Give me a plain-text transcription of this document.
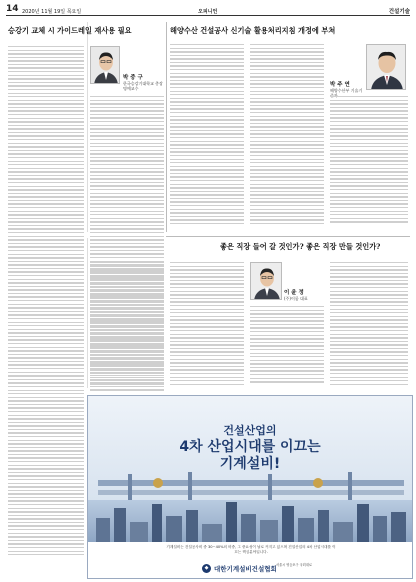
14 2020년 11월 19일 목요일	오피니언	건설기술
승강기 교체 시 가이드레일 재사용 필요
박 중 구
한국승강기대학교 총장 명예교수
해양수산 건설공사 신기술 활용처리지침 개정에 부쳐
박 주 연
해양수산부 기술기
좋은 직장 들어 갈 것인가? 좋은 직장 만들 것인가?
이 윤 정
(주)이룸 대표
건설산업의
4차 산업시대를 이끄는
기계설비!
기계설비는 건설공사비 중 30~40%의 비중, 그 중요성이 날로 커지고 있으며 건설산업의 4차 산업시대를 이끄는 핵심분야입니다.
◆ 대한기계설비건설협회 서울시 영등포구 국회대로
